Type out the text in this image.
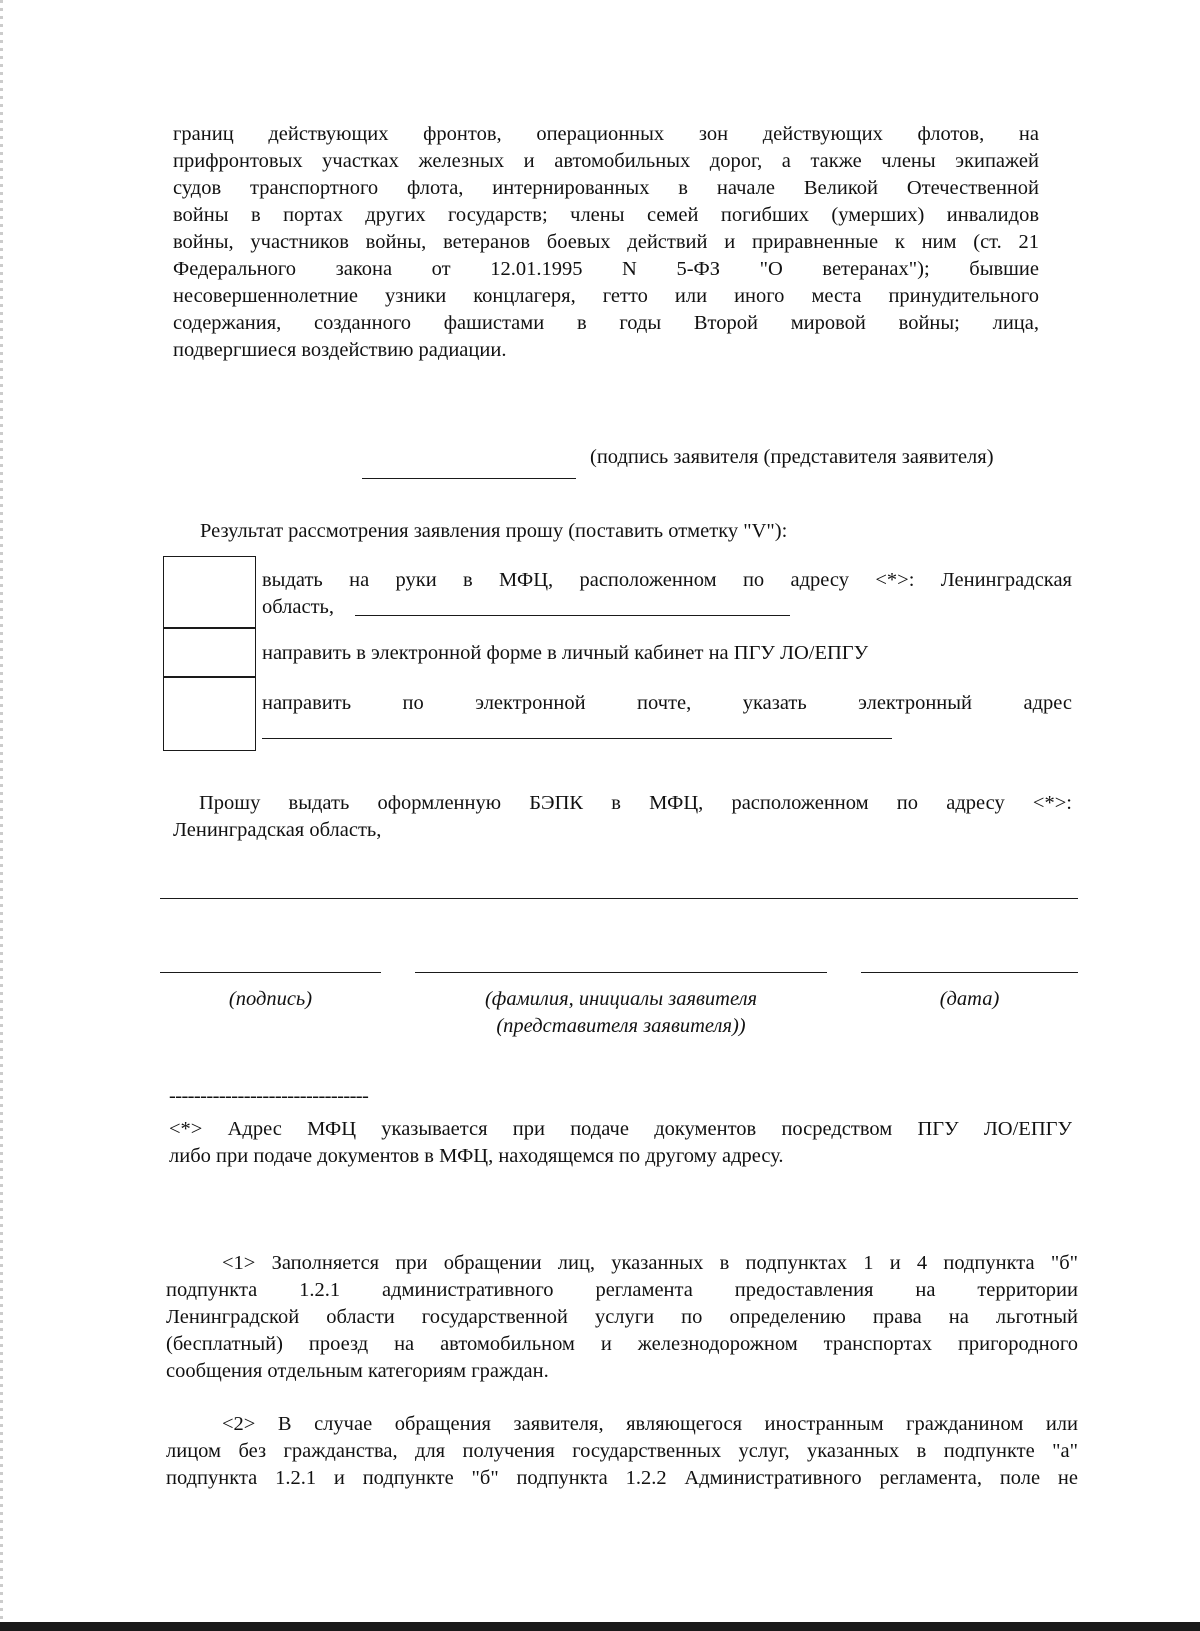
границ действующих фронтов, операционных зон действующих флотов, на
прифронтовых участках железных и автомобильных дорог, а также члены экипажей
судов транспортного флота, интернированных в начале Великой Отечественной
войны в портах других государств; члены семей погибших (умерших) инвалидов
войны, участников войны, ветеранов боевых действий и приравненные к ним (ст. 21
Федерального закона от 12.01.1995 N 5-ФЗ "О ветеранах"); бывшие
несовершеннолетние узники концлагеря, гетто или иного места принудительного
содержания, созданного фашистами в годы Второй мировой войны; лица,
подвергшиеся воздействию радиации.
(подпись заявителя (представителя заявителя)
Результат рассмотрения заявления прошу (поставить отметку "V"):
выдать на руки в МФЦ, расположенном по адресу <*>: Ленинградская
область,
направить в электронной форме в личный кабинет на ПГУ ЛО/ЕПГУ
направить по электронной почте, указать электронный адрес
Прошу выдать оформленную БЭПК в МФЦ, расположенном по адресу <*>:
Ленинградская область,
(подпись)	(фамилия, инициалы заявителя
(представителя заявителя))
(дата)
--------------------------------
<*> Адрес МФЦ указывается при подаче документов посредством ПГУ ЛО/ЕПГУ
либо при подаче документов в МФЦ, находящемся по другому адресу.
<1> Заполняется при обращении лиц, указанных в подпунктах 1 и 4 подпункта "б"
подпункта 1.2.1 административного регламента предоставления на территории
Ленинградской области государственной услуги по определению права на льготный
(бесплатный) проезд на автомобильном и железнодорожном транспортах пригородного
сообщения отдельным категориям граждан.
<2> В случае обращения заявителя, являющегося иностранным гражданином или
лицом без гражданства, для получения государственных услуг, указанных в подпункте "а"
подпункта 1.2.1 и подпункте "б" подпункта 1.2.2 Административного регламента, поле не
